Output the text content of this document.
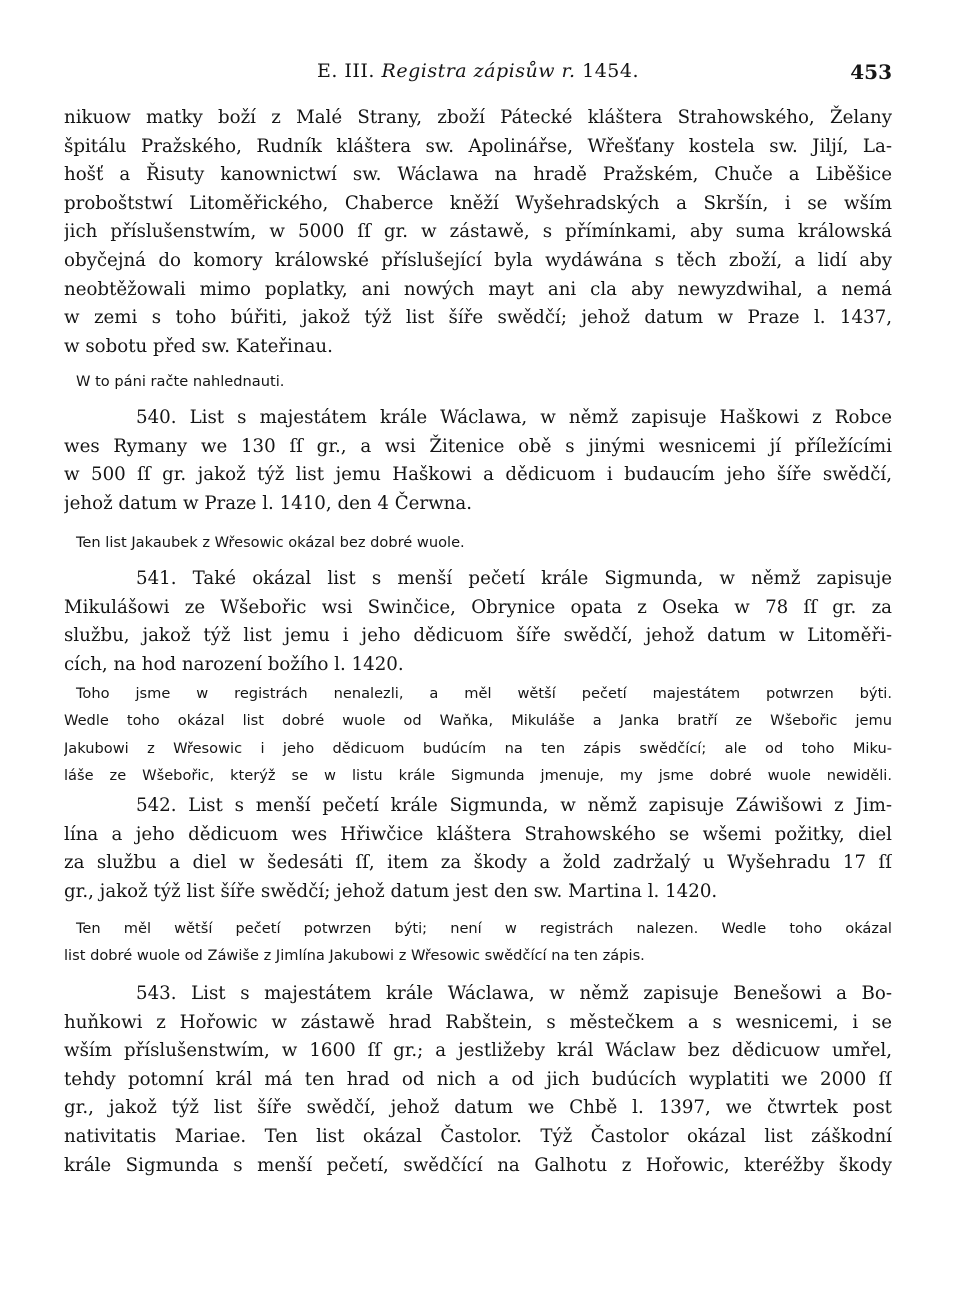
E. III. Registra zápisůw r. 1454.	453
nikuow matky boží z Malé Strany, zboží Pátecké kláštera Strahowského, Želany
špitálu Pražského, Rudník kláštera sw. Apolinářse, Wřešťany kostela sw. Jiljí, La-
hošť a Řisuty kanownictwí sw. Wáclawa na hradě Pražském, Chuče a Liběšice
proboštstwí Litoměřického, Chaberce kněží Wyšehradských a Skršín, i se wším
jich příslušenstwím, w 5000 ſſ gr. w zástawě, s přímínkami, aby suma králowská
obyčejná do komory králowské příslušející byla wydáwána s těch zboží, a lidí aby
neobtěžowali mimo poplatky, ani nowých mayt ani cla aby newyzdwihal, a nemá
w zemi s toho búřiti, jakož týž list šíře swědčí; jehož datum w Praze l. 1437,
w sobotu před sw. Kateřinau.
W to páni račte nahlednauti.
540. List s majestátem krále Wáclawa, w němž zapisuje Haškowi z Robce
wes Rymany we 130 ſſ gr., a wsi Žitenice obě s jinými wesnicemi jí příležícími
w 500 ſſ gr. jakož týž list jemu Haškowi a dědicuom i budaucím jeho šíře swědčí,
jehož datum w Praze l. 1410, den 4 Čerwna.
Ten list Jakaubek z Wřesowic okázal bez dobré wuole.
541. Také okázal list s menší pečetí krále Sigmunda, w němž zapisuje
Mikulášowi ze Wšebořic wsi Swinčice, Obrynice opata z Oseka w 78 ſſ gr. za
službu, jakož týž list jemu i jeho dědicuom šíře swědčí, jehož datum w Litoměři-
cích, na hod narození božího l. 1420.
Toho jsme w registrách nenalezli, a měl wětší pečetí majestátem potwrzen býti.
Wedle toho okázal list dobré wuole od Waňka, Mikuláše a Janka bratří ze Wšebořic jemu
Jakubowi z Wřesowic i jeho dědicuom budúcím na ten zápis swědčící; ale od toho Miku-
láše ze Wšebořic, kterýž se w listu krále Sigmunda jmenuje, my jsme dobré wuole newiděli.
542. List s menší pečetí krále Sigmunda, w němž zapisuje Záwišowi z Jim-
lína a jeho dědicuom wes Hřiwčice kláštera Strahowského se wšemi požitky, diel
za službu a diel w šedesáti ſſ, item za škody a žold zadržalý u Wyšehradu 17 ſſ
gr., jakož týž list šíře swědčí; jehož datum jest den sw. Martina l. 1420.
Ten měl wětší pečetí potwrzen býti; není w registrách nalezen. Wedle toho okázal
list dobré wuole od Záwiše z Jimlína Jakubowi z Wřesowic swědčící na ten zápis.
543. List s majestátem krále Wáclawa, w němž zapisuje Benešowi a Bo-
huňkowi z Hořowic w zástawě hrad Rabštein, s městečkem a s wesnicemi, i se
wším příslušenstwím, w 1600 ſſ gr.; a jestližeby král Wáclaw bez dědicuow umřel,
tehdy potomní král má ten hrad od nich a od jich budúcích wyplatiti we 2000 ſſ
gr., jakož týž list šíře swědčí, jehož datum we Chbě l. 1397, we čtwrtek post
nativitatis Mariae. Ten list okázal Častolor. Týž Častolor okázal list záškodní
krále Sigmunda s menší pečetí, swědčící na Galhotu z Hořowic, kteréžby škody
